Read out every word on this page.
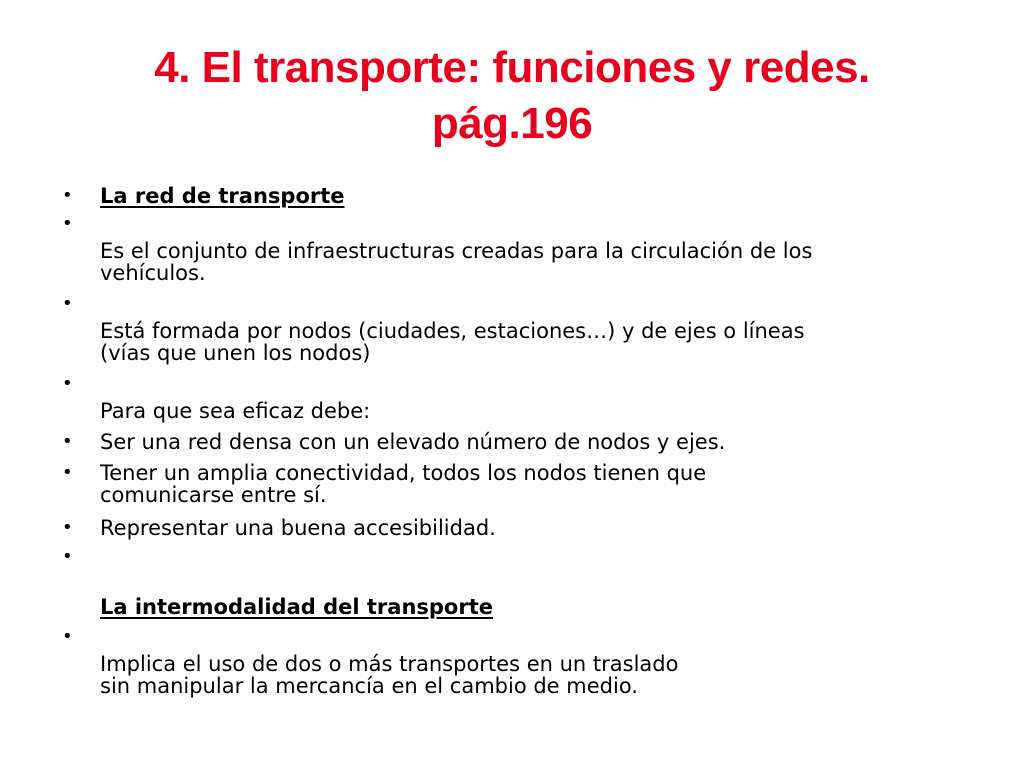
4. El transporte: funciones y redes.
pág.196
• La red de transporte
•
Es el conjunto de infraestructuras creadas para la circulación de los
vehículos.
•
Está formada por nodos (ciudades, estaciones…) y de ejes o líneas
(vías que unen los nodos)
•
Para que sea eficaz debe:
• Ser una red densa con un elevado número de nodos y ejes.
• Tener un amplia conectividad, todos los nodos tienen que
comunicarse entre sí.
• Representar una buena accesibilidad.
•
La intermodalidad del transporte
•
Implica el uso de dos o más transportes en un traslado
sin manipular la mercancía en el cambio de medio.
